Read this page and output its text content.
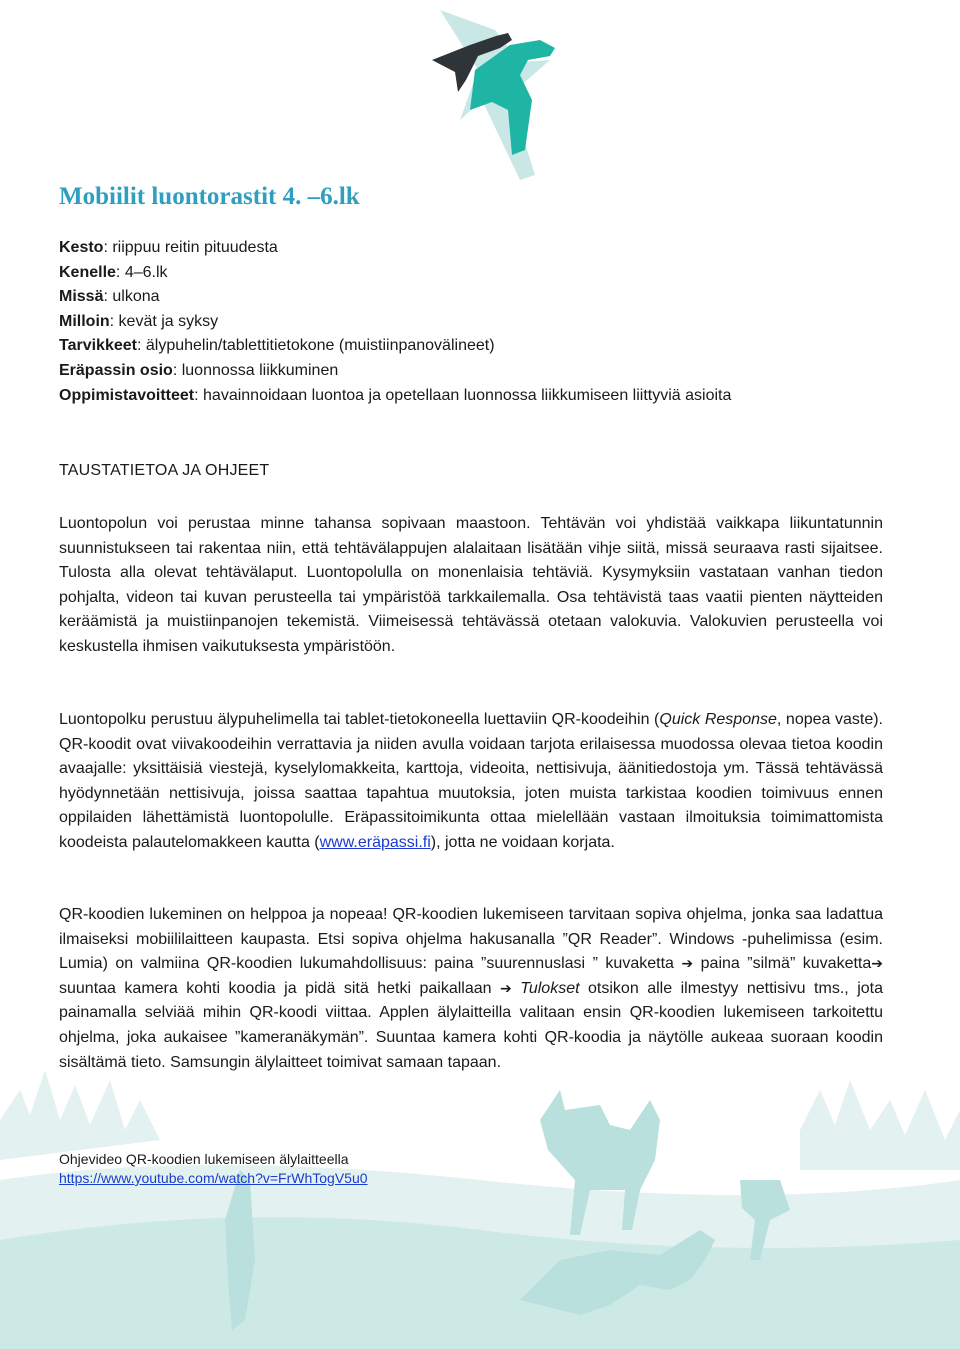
Mobiilit luontorastit 4. –6.lk
Kesto: riippuu reitin pituudesta
Kenelle: 4–6.lk
Missä: ulkona
Milloin: kevät ja syksy
Tarvikkeet: älypuhelin/tablettitietokone (muistiinpanovälineet)
Eräpassin osio: luonnossa liikkuminen
Oppimistavoitteet: havainnoidaan luontoa ja opetellaan luonnossa liikkumiseen liittyviä asioita
TAUSTATIETOA JA OHJEET

Luontopolun voi perustaa minne tahansa sopivaan maastoon. Tehtävän voi yhdistää vaikkapa liikuntatunnin suunnistukseen tai rakentaa niin, että tehtävälappujen alalaitaan lisätään vihje siitä, missä seuraava rasti sijaitsee. Tulosta alla olevat tehtävälaput. Luontopolulla on monenlaisia tehtäviä. Kysymyksiin vastataan vanhan tiedon pohjalta, videon tai kuvan perusteella tai ympäristöä tarkkailemalla. Osa tehtävistä taas vaatii pienten näytteiden keräämistä ja muistiinpanojen tekemistä. Viimeisessä tehtävässä otetaan valokuvia. Valokuvien perusteella voi keskustella ihmisen vaikutuksesta ympäristöön.

Luontopolku perustuu älypuhelimella tai tablet-tietokoneella luettaviin QR-koodeihin (Quick Response, nopea vaste). QR-koodit ovat viivakoodeihin verrattavia ja niiden avulla voidaan tarjota erilaisessa muodossa olevaa tietoa koodin avaajalle: yksittäisiä viestejä, kyselylomakkeita, karttoja, videoita, nettisivuja, äänitiedostoja ym. Tässä tehtävässä hyödynnetään nettisivuja, joissa saattaa tapahtua muutoksia, joten muista tarkistaa koodien toimivuus ennen oppilaiden lähettämistä luontopolulle. Eräpassitoimikunta ottaa mielellään vastaan ilmoituksia toimimattomista koodeista palautelomakkeen kautta (www.eräpassi.fi), jotta ne voidaan korjata.

QR-koodien lukeminen on helppoa ja nopeaa! QR-koodien lukemiseen tarvitaan sopiva ohjelma, jonka saa ladattua ilmaiseksi mobiililaitteen kaupasta. Etsi sopiva ohjelma hakusanalla ”QR Reader”. Windows -puhelimissa (esim. Lumia) on valmiina QR-koodien lukumahdollisuus: paina ”suurennuslasi ” kuvaketta ➔ paina ”silmä” kuvaketta➔ suuntaa kamera kohti koodia ja pidä sitä hetki paikallaan ➔ Tulokset otsikon alle ilmestyy nettisivu tms., jota painamalla selviää mihin QR-koodi viittaa. Applen älylaitteilla valitaan ensin QR-koodien lukemiseen tarkoitettu ohjelma, joka aukaisee ”kameranäkymän”. Suuntaa kamera kohti QR-koodia ja näytölle aukeaa suoraan koodin sisältämä tieto. Samsungin älylaitteet toimivat samaan tapaan.

Ohjevideo QR-koodien lukemiseen älylaitteella
https://www.youtube.com/watch?v=FrWhTogV5u0
